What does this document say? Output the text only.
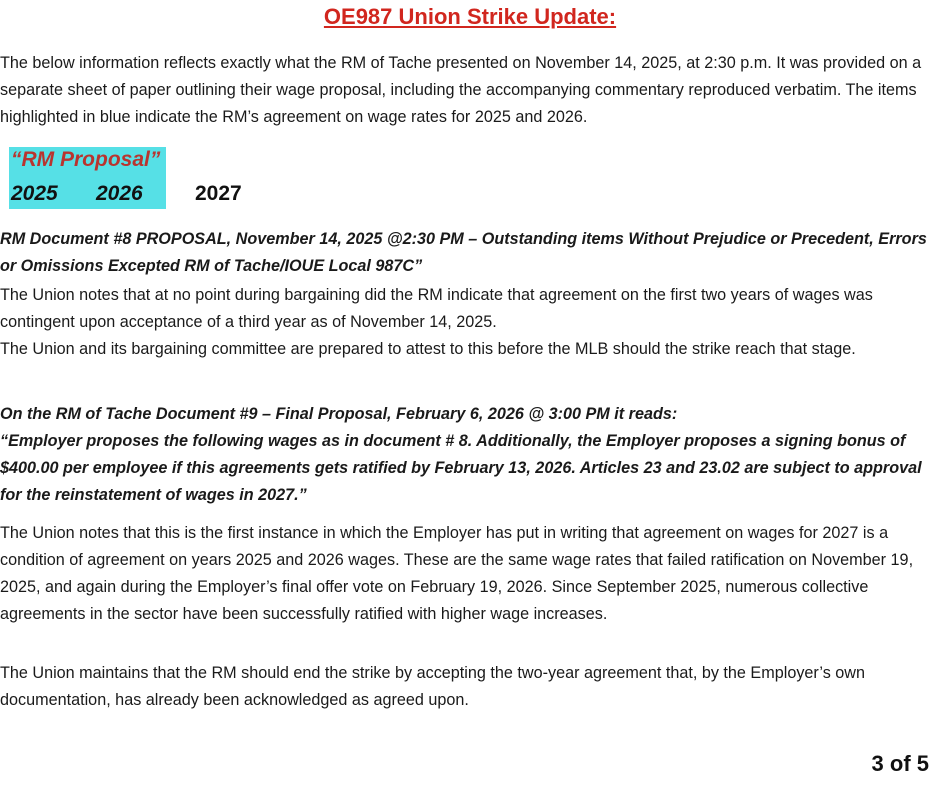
OE987 Union Strike Update:

The below information reflects exactly what the RM of Tache presented on November 14, 2025, at 2:30 p.m. It was provided on a separate sheet of paper outlining their wage proposal, including the accompanying commentary reproduced verbatim. The items highlighted in blue indicate the RM’s agreement on wage rates for 2025 and 2026.

“RM Proposal”
2025 2026 2027

RM Document #8 PROPOSAL, November 14, 2025 @2:30 PM – Outstanding items Without Prejudice or Precedent, Errors or Omissions Excepted RM of Tache/IOUE Local 987C”

The Union notes that at no point during bargaining did the RM indicate that agreement on the first two years of wages was contingent upon acceptance of a third year as of November 14, 2025.

The Union and its bargaining committee are prepared to attest to this before the MLB should the strike reach that stage.

On the RM of Tache Document #9 – Final Proposal, February 6, 2026 @ 3:00 PM it reads:

“Employer proposes the following wages as in document # 8. Additionally, the Employer proposes a signing bonus of $400.00 per employee if this agreements gets ratified by February 13, 2026. Articles 23 and 23.02 are subject to approval for the reinstatement of wages in 2027.”

The Union notes that this is the first instance in which the Employer has put in writing that agreement on wages for 2027 is a condition of agreement on years 2025 and 2026 wages. These are the same wage rates that failed ratification on November 19, 2025, and again during the Employer’s final offer vote on February 19, 2026. Since September 2025, numerous collective agreements in the sector have been successfully ratified with higher wage increases.

The Union maintains that the RM should end the strike by accepting the two-year agreement that, by the Employer’s own documentation, has already been acknowledged as agreed upon.

3 of 5
